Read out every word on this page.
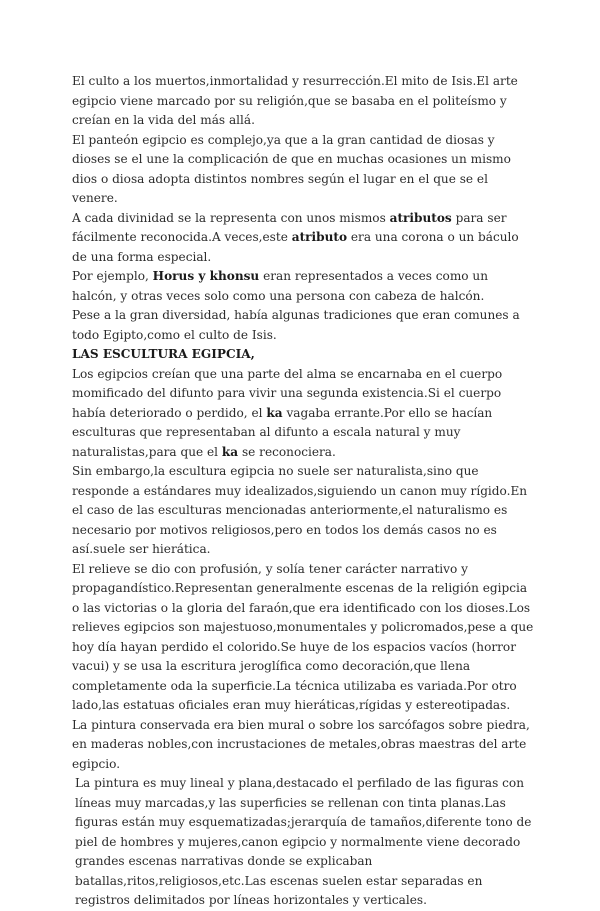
El culto a los muertos,inmortalidad y resurrección.El mito de Isis.El arte egipcio viene marcado por su religión,que se basaba en el politeísmo y creían en la vida del más allá.

El panteón egipcio es complejo,ya que a la gran cantidad de diosas y dioses se el une la complicación de que en muchas ocasiones un mismo dios o diosa adopta distintos nombres según el lugar en el que se el venere.

A cada divinidad se la representa con unos mismos atributos para ser fácilmente reconocida.A veces,este atributo era una corona o un báculo de una forma especial.

Por ejemplo, Horus y khonsu eran representados a veces como un halcón, y otras veces solo como una persona con cabeza de halcón.

Pese a la gran diversidad, había algunas tradiciones que eran comunes a todo Egipto,como el culto de Isis.

LAS ESCULTURA EGIPCIA,

Los egipcios creían que una parte del alma se encarnaba en el cuerpo momificado del difunto para vivir una segunda existencia.Si el cuerpo había deteriorado o perdido, el ka vagaba errante.Por ello se hacían esculturas que representaban al difunto a escala natural y muy naturalistas,para que el ka se reconociera.

Sin embargo,la escultura egipcia no suele ser naturalista,sino que responde a estándares muy idealizados,siguiendo un canon muy rígido.En el caso de las esculturas mencionadas anteriormente,el naturalismo es necesario por motivos religiosos,pero en todos los demás casos no es así.suele ser hierática.

El relieve se dio con profusión, y solía tener carácter narrativo y propagandístico.Representan generalmente escenas de la religión egipcia o las victorias o la gloria del faraón,que era identificado con los dioses.Los relieves egipcios son majestuoso,monumentales y policromados,pese a que hoy día hayan perdido el colorido.Se huye de los espacios vacíos (horror vacui) y se usa la escritura jeroglífica como decoración,que llena completamente oda la superficie.La técnica utilizaba es variada.Por otro lado,las estatuas oficiales eran muy hieráticas,rígidas y estereotipadas.

La pintura conservada era bien mural o sobre los sarcófagos sobre piedra, en maderas nobles,con incrustaciones de metales,obras maestras del arte egipcio.

La pintura es muy lineal y plana,destacado el perfilado de las figuras con líneas muy marcadas,y las superficies se rellenan con tinta planas.Las figuras están muy esquematizadas;jerarquía de tamaños,diferente tono de piel de hombres y mujeres,canon egipcio y normalmente viene decorado grandes escenas narrativas donde se explicaban batallas,ritos,religiosos,etc.Las escenas suelen estar separadas en registros delimitados por líneas horizontales y verticales.
